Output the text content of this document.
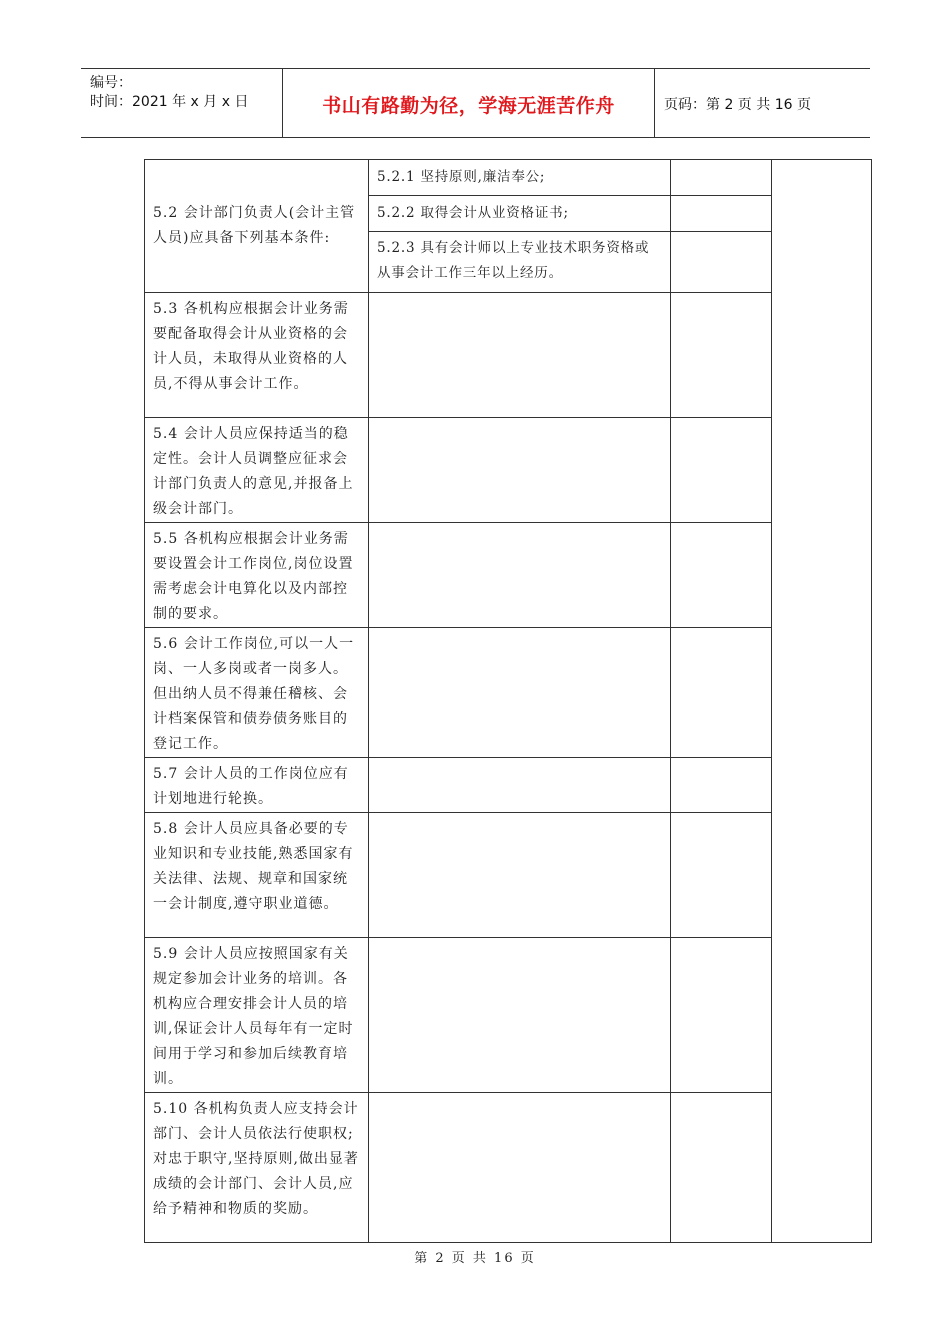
编号：
时间：2021 年 x 月 x 日	书山有路勤为径，学海无涯苦作舟	页码：第 2 页 共 16 页
5.2 会计部门负责人(会计主管人员)应具备下列基本条件:	5.2.1 坚持原则,廉洁奉公;		

	5.2.2 取得会计从业资格证书;		

	5.2.3 具有会计师以上专业技术职务资格或从事会计工作三年以上经历。		

5.3 各机构应根据会计业务需要配备取得会计从业资格的会计人员，未取得从业资格的人员,不得从事会计工作。			

5.4 会计人员应保持适当的稳定性。会计人员调整应征求会计部门负责人的意见,并报备上级会计部门。			

5.5 各机构应根据会计业务需要设置会计工作岗位,岗位设置需考虑会计电算化以及内部控制的要求。			

5.6 会计工作岗位,可以一人一岗、一人多岗或者一岗多人。但出纳人员不得兼任稽核、会计档案保管和债券债务账目的登记工作。			

5.7 会计人员的工作岗位应有计划地进行轮换。			

5.8 会计人员应具备必要的专业知识和专业技能,熟悉国家有关法律、法规、规章和国家统一会计制度,遵守职业道德。			

5.9 会计人员应按照国家有关规定参加会计业务的培训。各机构应合理安排会计人员的培训,保证会计人员每年有一定时间用于学习和参加后续教育培训。			

5.10 各机构负责人应支持会计部门、会计人员依法行使职权;对忠于职守,坚持原则,做出显著成绩的会计部门、会计人员,应给予精神和物质的奖励。			

第 2 页 共 16 页
